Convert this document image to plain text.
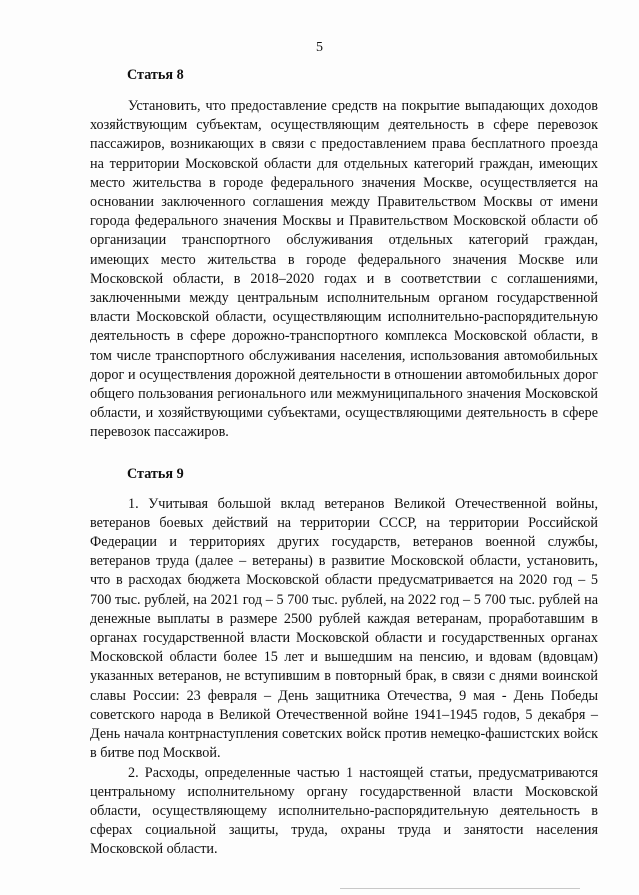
5
Статья 8

Установить, что предоставление средств на покрытие выпадающих доходов хозяйствующим субъектам, осуществляющим деятельность в сфере перевозок пассажиров, возникающих в связи с предоставлением права бесплатного проезда на территории Московской области для отдельных категорий граждан, имеющих место жительства в городе федерального значения Москве, осуществляется на основании заключенного соглашения между Правительством Москвы от имени города федерального значения Москвы и Правительством Московской области об организации транспортного обслуживания отдельных категорий граждан, имеющих место жительства в городе федерального значения Москве или Московской области, в 2018–2020 годах и в соответствии с соглашениями, заключенными между центральным исполнительным органом государственной власти Московской области, осуществляющим исполнительно-распорядительную деятельность в сфере дорожно-транспортного комплекса Московской области, в том числе транспортного обслуживания населения, использования автомобильных дорог и осуществления дорожной деятельности в отношении автомобильных дорог общего пользования регионального или межмуниципального значения Московской области, и хозяйствующими субъектами, осуществляющими деятельность в сфере перевозок пассажиров.

Статья 9

1. Учитывая большой вклад ветеранов Великой Отечественной войны, ветеранов боевых действий на территории СССР, на территории Российской Федерации и территориях других государств, ветеранов военной службы, ветеранов труда (далее – ветераны) в развитие Московской области, установить, что в расходах бюджета Московской области предусматривается на 2020 год – 5 700 тыс. рублей, на 2021 год – 5 700 тыс. рублей, на 2022 год – 5 700 тыс. рублей на денежные выплаты в размере 2500 рублей каждая ветеранам, проработавшим в органах государственной власти Московской области и государственных органах Московской области более 15 лет и вышедшим на пенсию, и вдовам (вдовцам) указанных ветеранов, не вступившим в повторный брак, в связи с днями воинской славы России: 23 февраля – День защитника Отечества, 9 мая - День Победы советского народа в Великой Отечественной войне 1941–1945 годов, 5 декабря – День начала контрнаступления советских войск против немецко-фашистских войск в битве под Москвой.

2. Расходы, определенные частью 1 настоящей статьи, предусматриваются центральному исполнительному органу государственной власти Московской области, осуществляющему исполнительно-распорядительную деятельность в сферах социальной защиты, труда, охраны труда и занятости населения Московской области.
